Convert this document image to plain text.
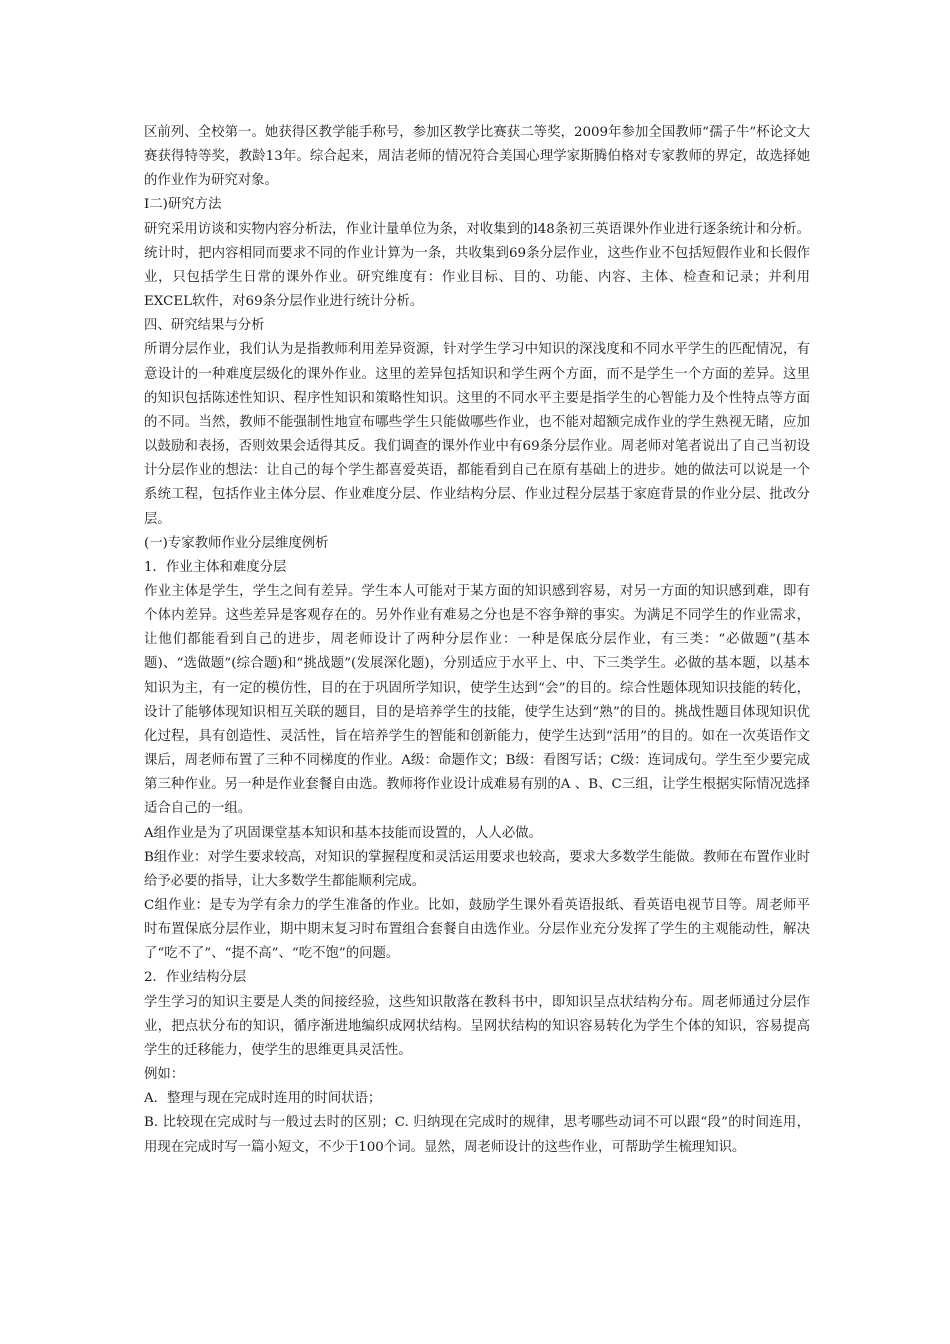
区前列、全校第一。她获得区教学能手称号，参加区教学比赛获二等奖，2009年参加全国教师“孺子牛”杯论文大赛获得特等奖，教龄13年。综合起来，周洁老师的情况符合美国心理学家斯腾伯格对专家教师的界定，故选择她的作业作为研究对象。

I二)研究方法

研究采用访谈和实物内容分析法，作业计量单位为条，对收集到的l48条初三英语课外作业进行逐条统计和分析。统计时，把内容相同而要求不同的作业计算为一条，共收集到69条分层作业，这些作业不包括短假作业和长假作业，只包括学生日常的课外作业。研究维度有：作业目标、目的、功能、内容、主体、检查和记录；并利用EXCEL软件，对69条分层作业进行统计分析。

四、研究结果与分析

所谓分层作业，我们认为是指教师利用差异资源，针对学生学习中知识的深浅度和不同水平学生的匹配情况，有意设计的一种难度层级化的课外作业。这里的差异包括知识和学生两个方面，而不是学生一个方面的差异。这里的知识包括陈述性知识、程序性知识和策略性知识。这里的不同水平主要是指学生的心智能力及个性特点等方面的不同。当然，教师不能强制性地宣布哪些学生只能做哪些作业，也不能对超额完成作业的学生熟视无睹，应加以鼓励和表扬，否则效果会适得其反。我们调查的课外作业中有69条分层作业。周老师对笔者说出了自己当初设计分层作业的想法：让自己的每个学生都喜爱英语，都能看到自己在原有基础上的进步。她的做法可以说是一个系统工程，包括作业主体分层、作业难度分层、作业结构分层、作业过程分层基于家庭背景的作业分层、批改分层。

(一)专家教师作业分层维度例析

1．作业主体和难度分层

作业主体是学生，学生之间有差异。学生本人可能对于某方面的知识感到容易，对另一方面的知识感到难，即有个体内差异。这些差异是客观存在的。另外作业有难易之分也是不容争辩的事实。为满足不同学生的作业需求，让他们都能看到自己的进步，周老师设计了两种分层作业：一种是保底分层作业，有三类：“必做题”(基本题)、“选做题”(综合题)和“挑战题”(发展深化题)，分别适应于水平上、中、下三类学生。必做的基本题，以基本知识为主，有一定的模仿性，目的在于巩固所学知识，使学生达到“会”的目的。综合性题体现知识技能的转化，设计了能够体现知识相互关联的题目，目的是培养学生的技能，使学生达到“熟”的目的。挑战性题目体现知识优化过程，具有创造性、灵活性，旨在培养学生的智能和创新能力，使学生达到“活用”的目的。如在一次英语作文课后，周老师布置了三种不同梯度的作业。A级：命题作文；B级：看图写话；C级：连词成句。学生至少要完成第三种作业。另一种是作业套餐自由选。教师将作业设计成难易有别的A 、B、C三组，让学生根据实际情况选择适合自己的一组。

A组作业是为了巩固课堂基本知识和基本技能而设置的，人人必做。

B组作业：对学生要求较高，对知识的掌握程度和灵活运用要求也较高，要求大多数学生能做。教师在布置作业时给予必要的指导，让大多数学生都能顺利完成。

C组作业：是专为学有余力的学生准备的作业。比如，鼓励学生课外看英语报纸、看英语电视节目等。周老师平时布置保底分层作业，期中期末复习时布置组合套餐自由选作业。分层作业充分发挥了学生的主观能动性，解决了“吃不了”、“提不高”、“吃不饱”的问题。

2．作业结构分层

学生学习的知识主要是人类的间接经验，这些知识散落在教科书中，即知识呈点状结构分布。周老师通过分层作业，把点状分布的知识，循序渐进地编织成网状结构。呈网状结构的知识容易转化为学生个体的知识，容易提高学生的迁移能力，使学生的思维更具灵活性。

例如：

A．整理与现在完成时连用的时间状语；

B. 比较现在完成时与一般过去时的区别；C. 归纳现在完成时的规律，思考哪些动词不可以跟“段”的时间连用，用现在完成时写一篇小短文，不少于100个词。显然，周老师设计的这些作业，可帮助学生梳理知识。
